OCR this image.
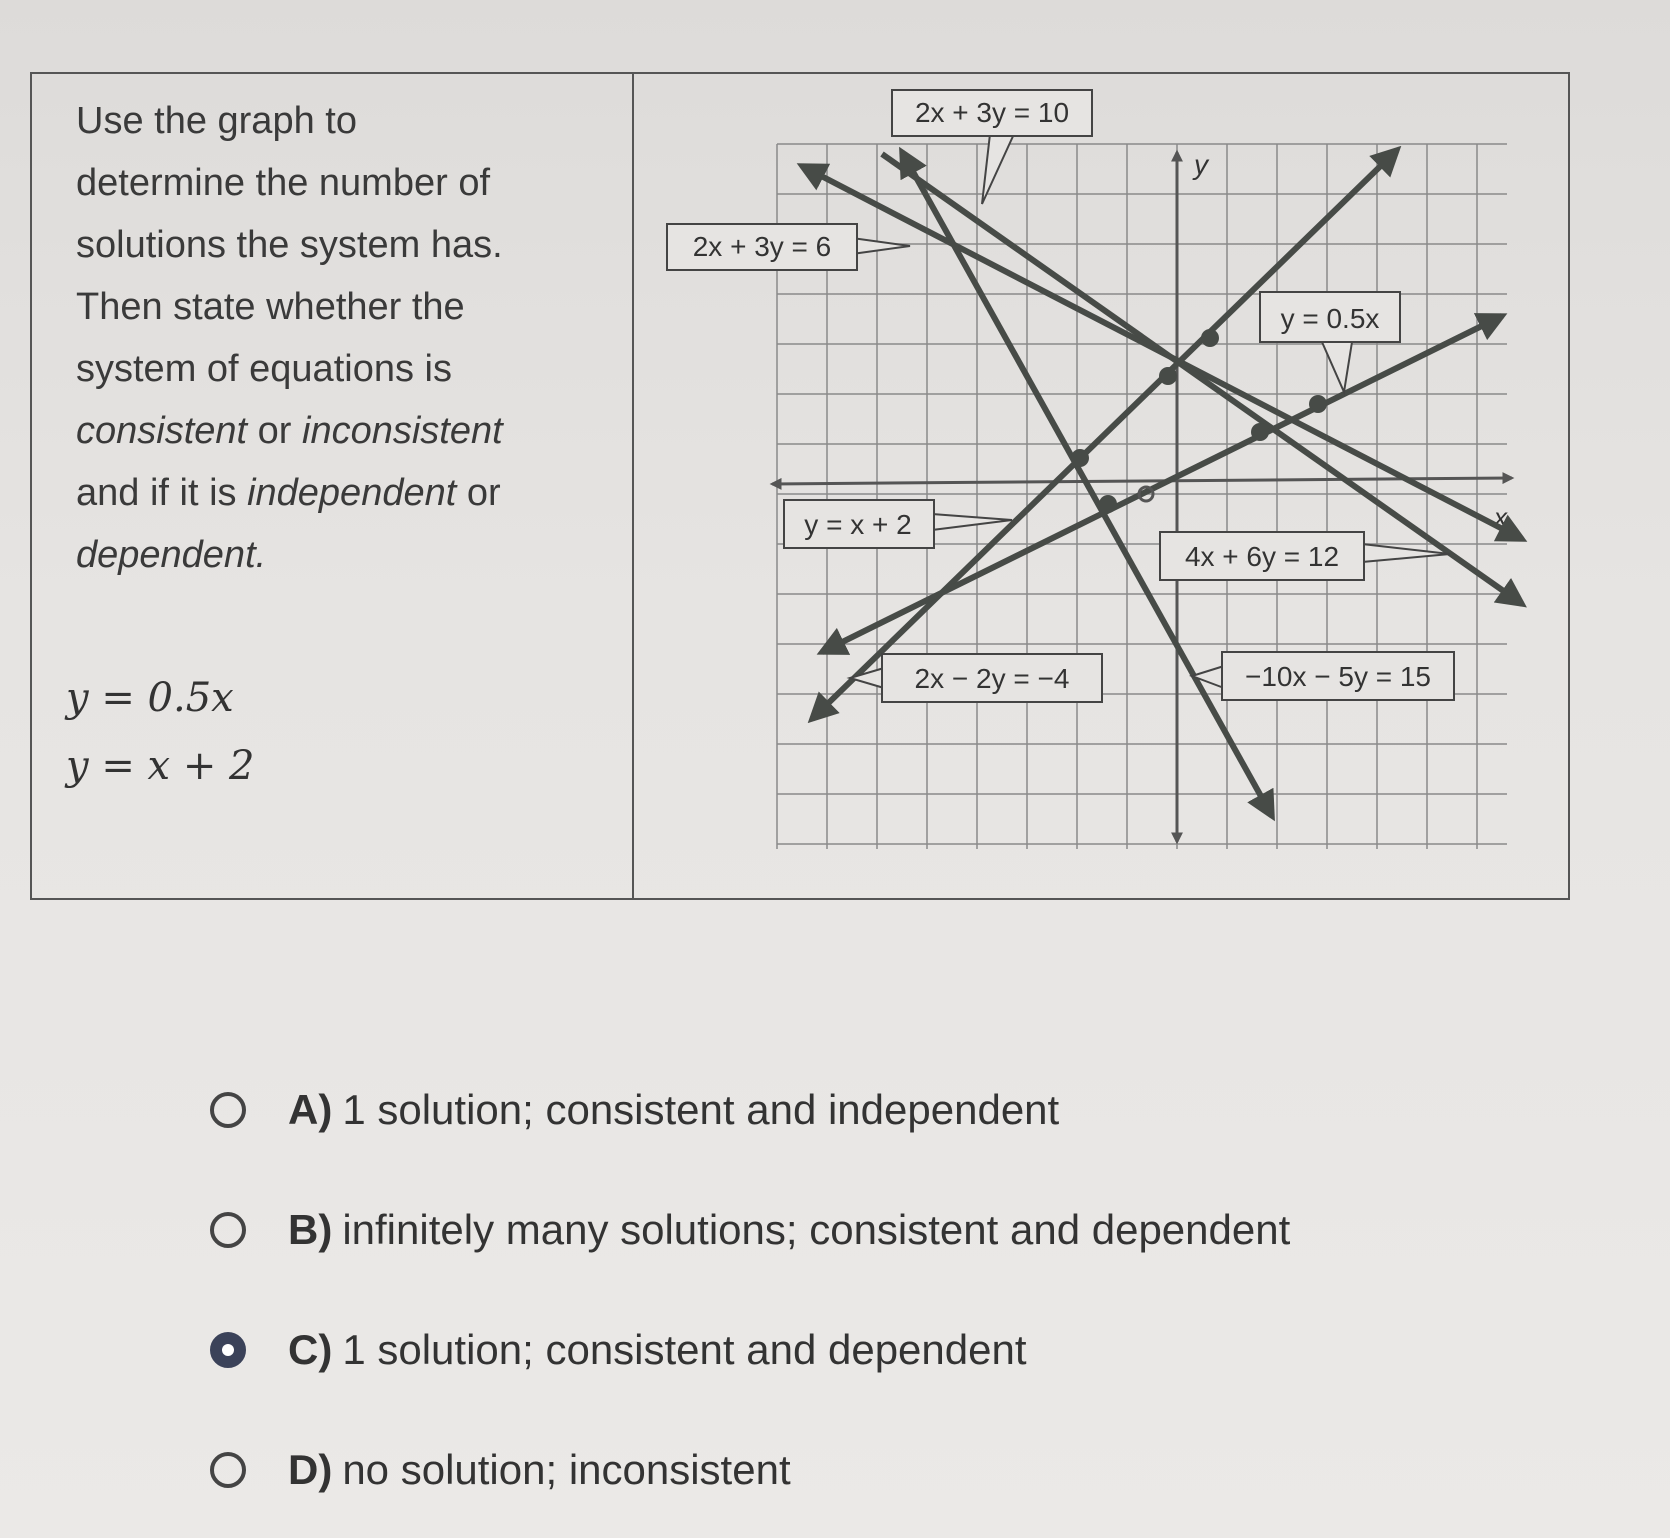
Use the graph to
determine the number of
solutions the system has.
Then state whether the
system of equations is
consistent or inconsistent
and if it is independent or
dependent.
y = 0.5x
y = x + 2
x
y
2x + 3y = 10
2x + 3y = 6
y = 0.5x
y = x + 2
4x + 6y = 12
2x − 2y = −4	−10x − 5y = 15
A) 1 solution; consistent and independent
B) infinitely many solutions; consistent and dependent
C) 1 solution; consistent and dependent
D) no solution; inconsistent
